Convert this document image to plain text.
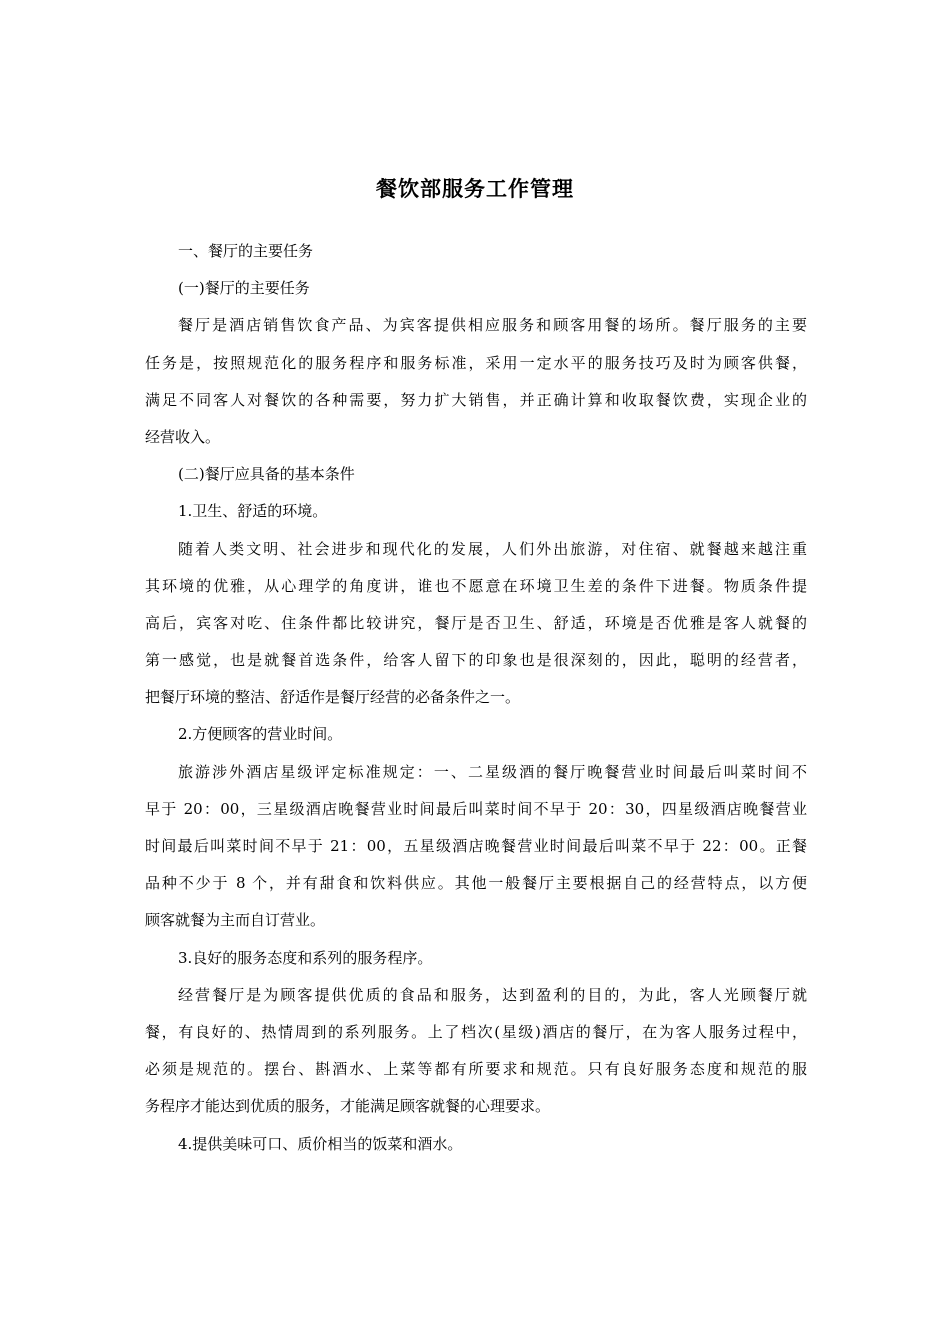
餐饮部服务工作管理
一、餐厅的主要任务
(一)餐厅的主要任务
餐厅是酒店销售饮食产品、为宾客提供相应服务和顾客用餐的场所。餐厅服务的主要
任务是，按照规范化的服务程序和服务标准，采用一定水平的服务技巧及时为顾客供餐，
满足不同客人对餐饮的各种需要，努力扩大销售，并正确计算和收取餐饮费，实现企业的
经营收入。
(二)餐厅应具备的基本条件
1.卫生、舒适的环境。
随着人类文明、社会进步和现代化的发展，人们外出旅游，对住宿、就餐越来越注重
其环境的优雅，从心理学的角度讲，谁也不愿意在环境卫生差的条件下进餐。物质条件提
高后，宾客对吃、住条件都比较讲究，餐厅是否卫生、舒适，环境是否优雅是客人就餐的
第一感觉，也是就餐首选条件，给客人留下的印象也是很深刻的，因此，聪明的经营者，
把餐厅环境的整洁、舒适作是餐厅经营的必备条件之一。
2.方便顾客的营业时间。
旅游涉外酒店星级评定标准规定：一、二星级酒的餐厅晚餐营业时间最后叫菜时间不
早于 20：00，三星级酒店晚餐营业时间最后叫菜时间不早于 20：30，四星级酒店晚餐营业
时间最后叫菜时间不早于 21：00，五星级酒店晚餐营业时间最后叫菜不早于 22：00。正餐
品种不少于 8 个，并有甜食和饮料供应。其他一般餐厅主要根据自己的经营特点，以方便
顾客就餐为主而自订营业。
3.良好的服务态度和系列的服务程序。
经营餐厅是为顾客提供优质的食品和服务，达到盈利的目的，为此，客人光顾餐厅就
餐，有良好的、热情周到的系列服务。上了档次(星级)酒店的餐厅，在为客人服务过程中，
必须是规范的。摆台、斟酒水、上菜等都有所要求和规范。只有良好服务态度和规范的服
务程序才能达到优质的服务，才能满足顾客就餐的心理要求。
4.提供美味可口、质价相当的饭菜和酒水。
